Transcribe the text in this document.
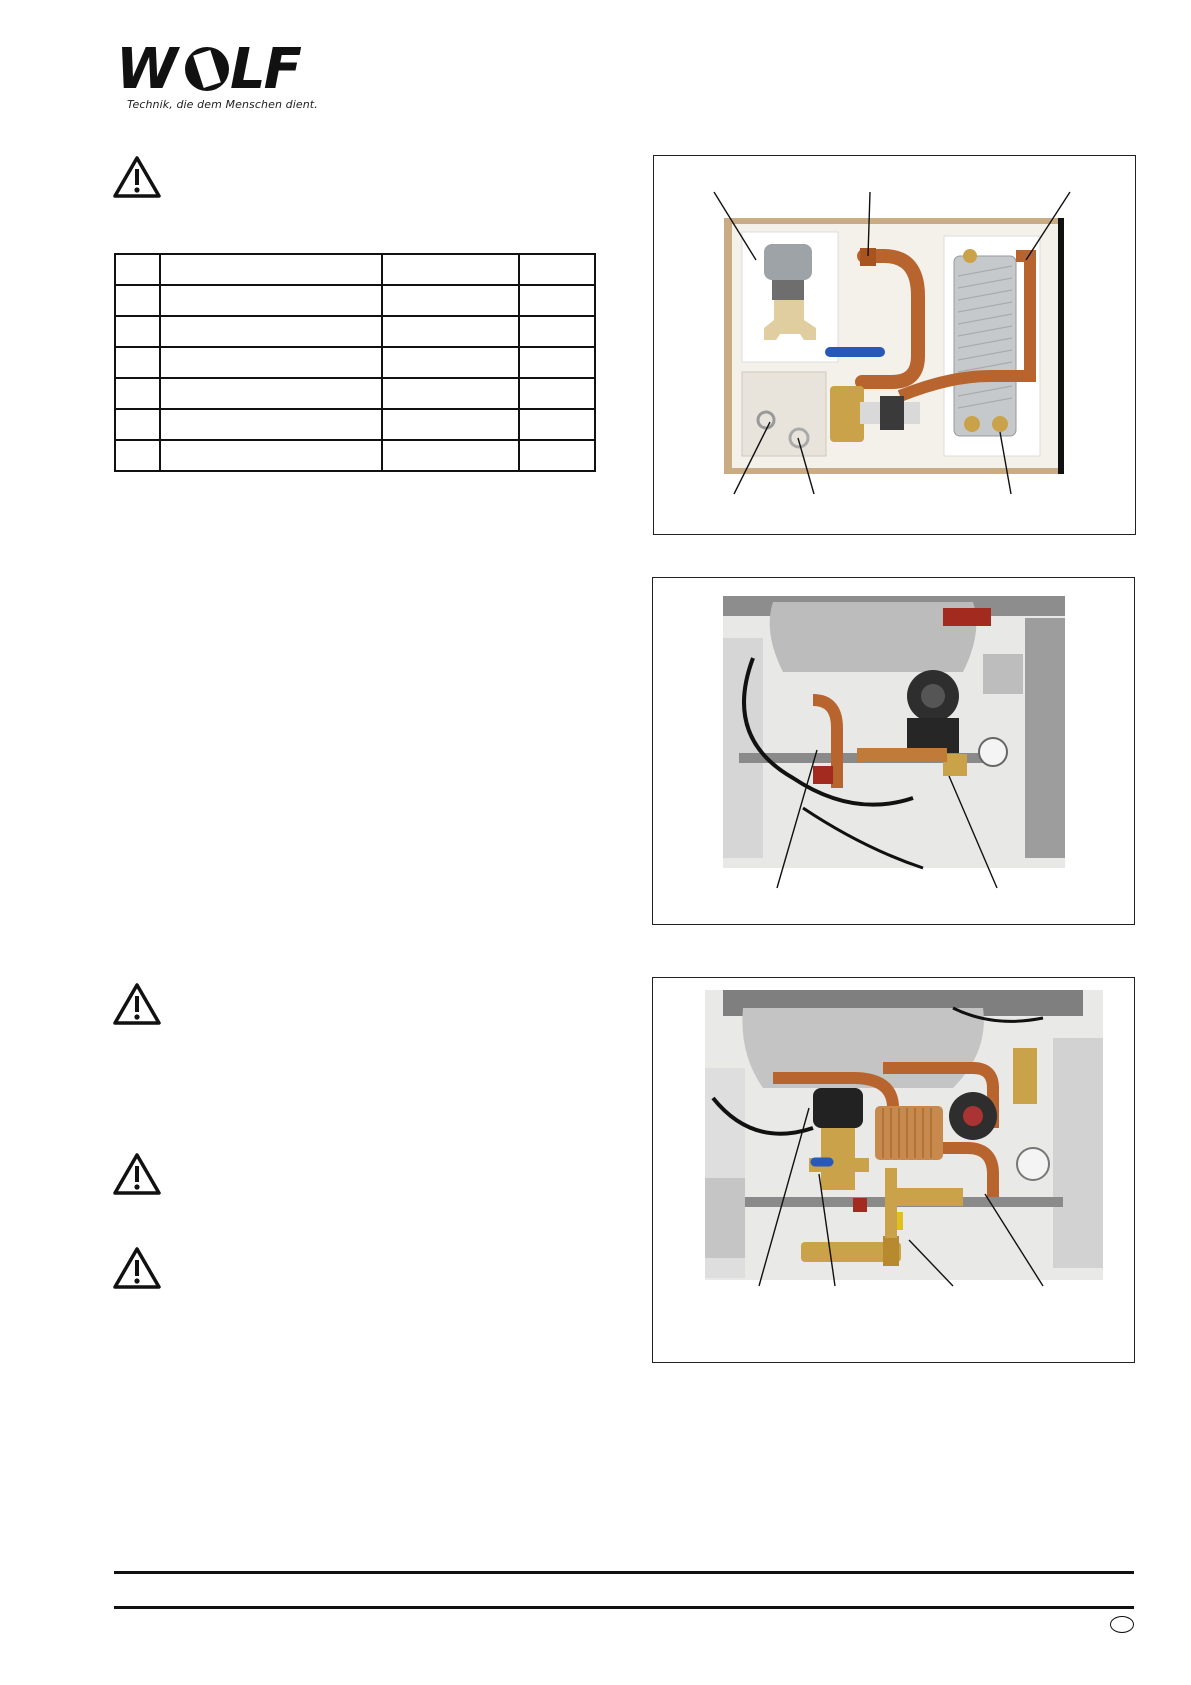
W LF
Technik, die dem Menschen dient.
